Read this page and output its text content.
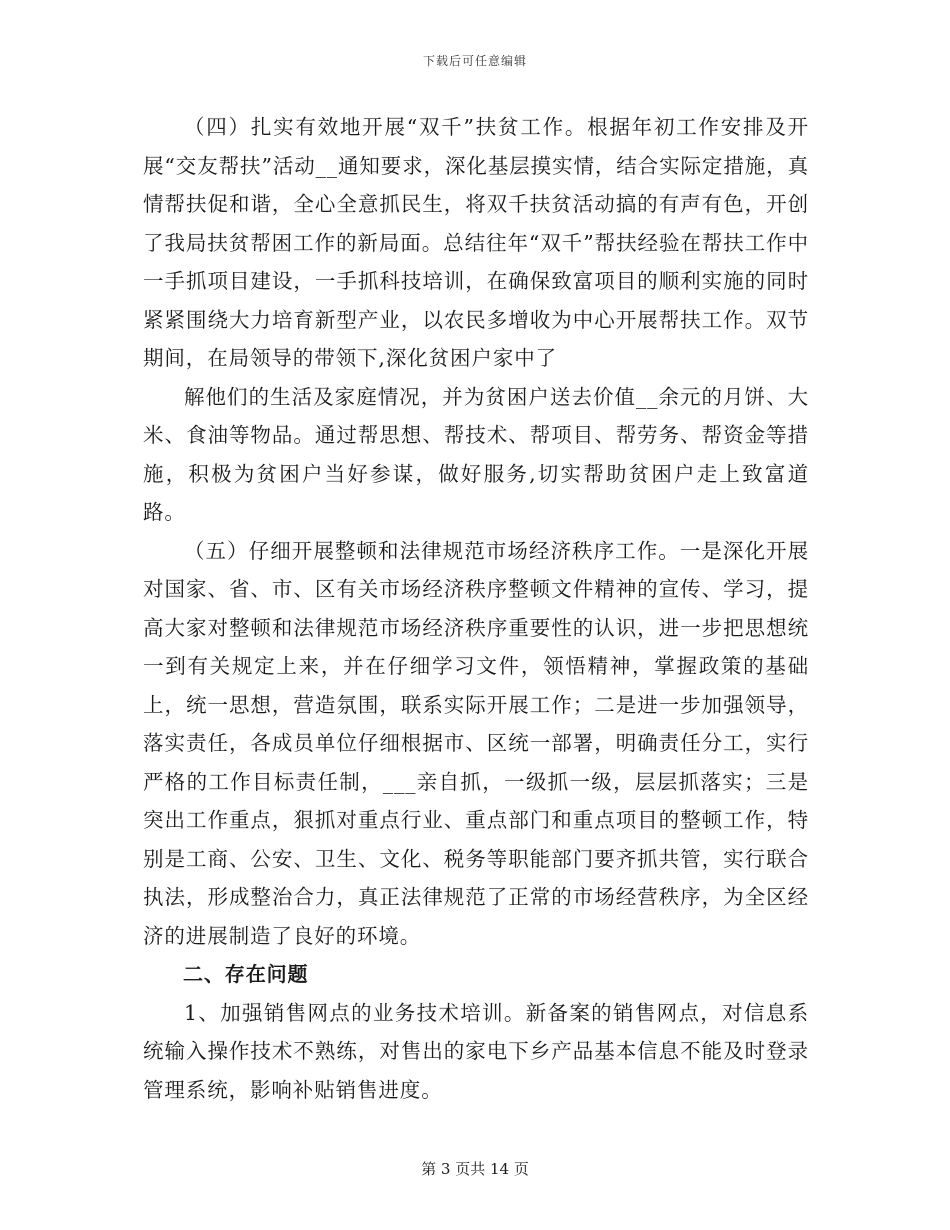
下载后可任意编辑

（四）扎实有效地开展“双千”扶贫工作。根据年初工作安排及开展“交友帮扶”活动__通知要求，深化基层摸实情，结合实际定措施，真情帮扶促和谐，全心全意抓民生，将双千扶贫活动搞的有声有色，开创了我局扶贫帮困工作的新局面。总结往年“双千”帮扶经验在帮扶工作中一手抓项目建设，一手抓科技培训，在确保致富项目的顺利实施的同时紧紧围绕大力培育新型产业，以农民多增收为中心开展帮扶工作。双节期间，在局领导的带领下,深化贫困户家中了

解他们的生活及家庭情况，并为贫困户送去价值__余元的月饼、大米、食油等物品。通过帮思想、帮技术、帮项目、帮劳务、帮资金等措施，积极为贫困户当好参谋，做好服务,切实帮助贫困户走上致富道路。

（五）仔细开展整顿和法律规范市场经济秩序工作。一是深化开展对国家、省、市、区有关市场经济秩序整顿文件精神的宣传、学习，提高大家对整顿和法律规范市场经济秩序重要性的认识，进一步把思想统一到有关规定上来，并在仔细学习文件，领悟精神，掌握政策的基础上，统一思想，营造氛围，联系实际开展工作；二是进一步加强领导，落实责任，各成员单位仔细根据市、区统一部署，明确责任分工，实行严格的工作目标责任制，___亲自抓，一级抓一级，层层抓落实；三是突出工作重点，狠抓对重点行业、重点部门和重点项目的整顿工作，特别是工商、公安、卫生、文化、税务等职能部门要齐抓共管，实行联合执法，形成整治合力，真正法律规范了正常的市场经营秩序，为全区经济的进展制造了良好的环境。

二、存在问题

1、加强销售网点的业务技术培训。新备案的销售网点，对信息系统输入操作技术不熟练，对售出的家电下乡产品基本信息不能及时登录管理系统，影响补贴销售进度。

第 3 页共 14 页
